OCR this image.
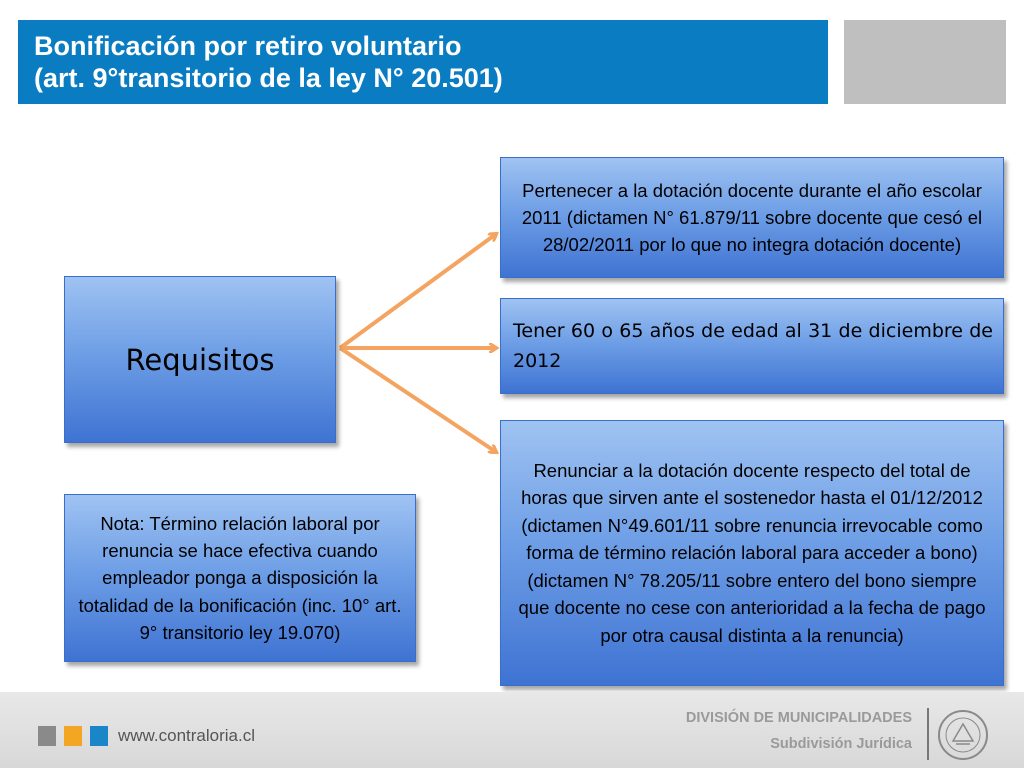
Bonificación por retiro voluntario
(art. 9°transitorio de la ley N° 20.501)
Requisitos
Pertenecer a la dotación docente durante el año escolar 2011 (dictamen N° 61.879/11 sobre docente que cesó el 28/02/2011 por lo que no integra dotación docente)
Tener 60 o 65 años de edad al 31 de diciembre de 2012
Renunciar a la dotación docente respecto del total de horas que sirven ante el sostenedor hasta el 01/12/2012 (dictamen N°49.601/11 sobre renuncia irrevocable como forma de término relación laboral para acceder a bono) (dictamen N° 78.205/11 sobre entero del bono siempre que docente no cese con anterioridad a la fecha de pago por otra causal distinta a la renuncia)
Nota: Término relación laboral por renuncia se hace efectiva cuando empleador ponga a disposición la totalidad de la bonificación (inc. 10° art. 9° transitorio ley 19.070)
www.contraloria.cl
DIVISIÓN DE MUNICIPALIDADES
Subdivisión Jurídica
